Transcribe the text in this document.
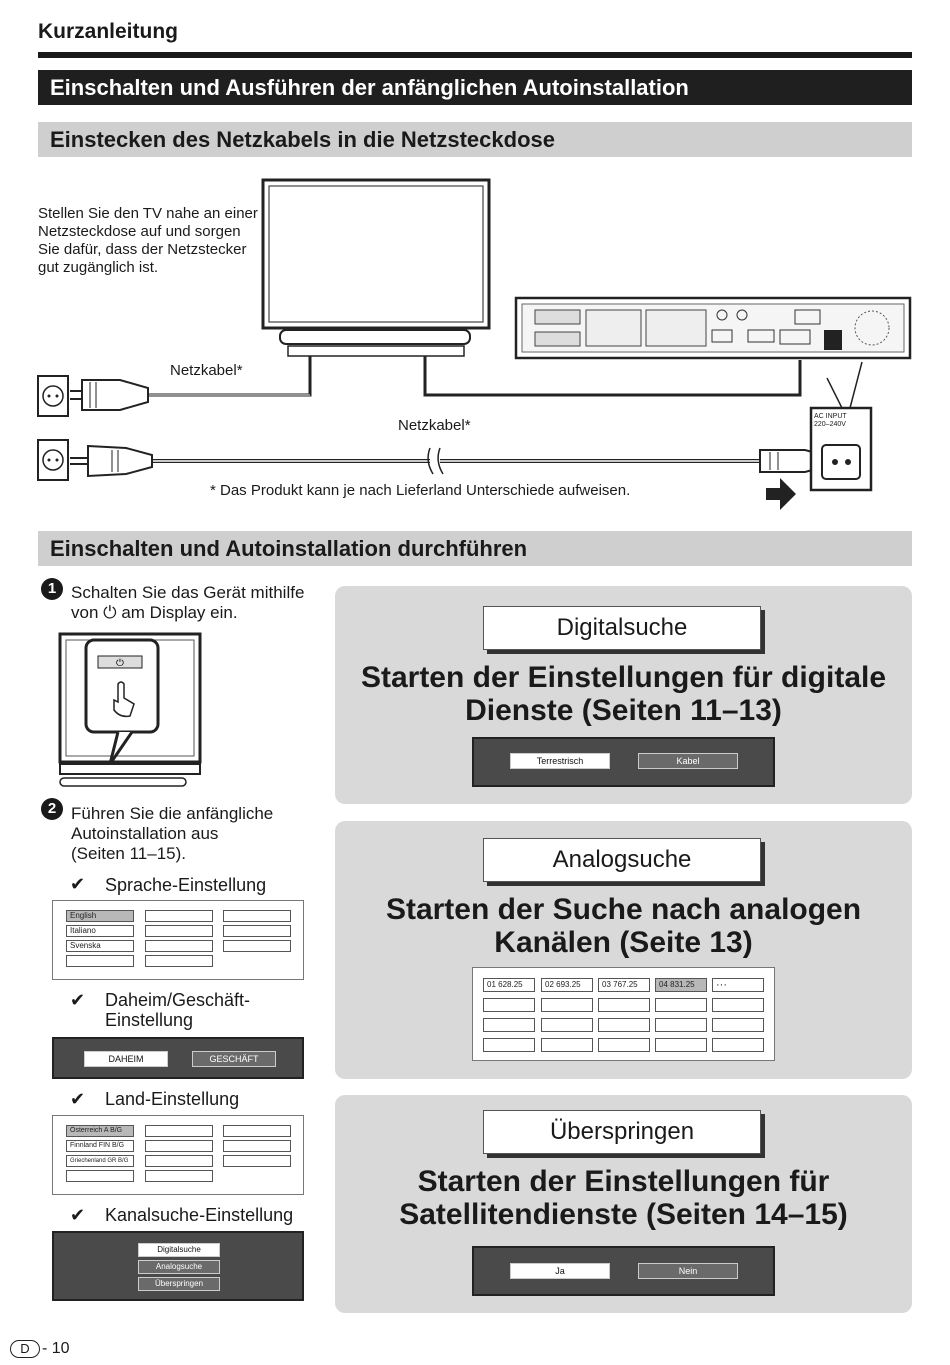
Kurzanleitung
Einschalten und Ausführen der anfänglichen Autoinstallation
Einstecken des Netzkabels in die Netzsteckdose
Stellen Sie den TV nahe an einer Netzsteckdose auf und sorgen Sie dafür, dass der Netzstecker gut zugänglich ist.
Netzkabel*
Netzkabel*
AC INPUT
220–240V
* Das Produkt kann je nach Lieferland Unterschiede aufweisen.
Einschalten und Autoinstallation durchführen
1 Schalten Sie das Gerät mithilfe
von ⏻ am Display ein.
⏻
2 Führen Sie die anfängliche
Autoinstallation aus
(Seiten 11–15).
✔ Sprache-Einstellung
English
Italiano
Svenska
✔ Daheim/Geschäft-
Einstellung
DAHEIM	GESCHÄFT
✔ Land-Einstellung
Österreich A B/G
Finnland FIN B/G
Griechenland GR B/G
✔ Kanalsuche-Einstellung
Digitalsuche
Analogsuche
Überspringen
Digitalsuche
Starten der Einstellungen für digitale
Dienste (Seiten 11–13)
Terrestrisch	Kabel
Analogsuche
Starten der Suche nach analogen
Kanälen (Seite 13)
01 628.25	02 693.25	03 767.25	04 831.25	···
Überspringen
Starten der Einstellungen für
Satellitendienste (Seiten 14–15)
Ja	Nein
D - 10
